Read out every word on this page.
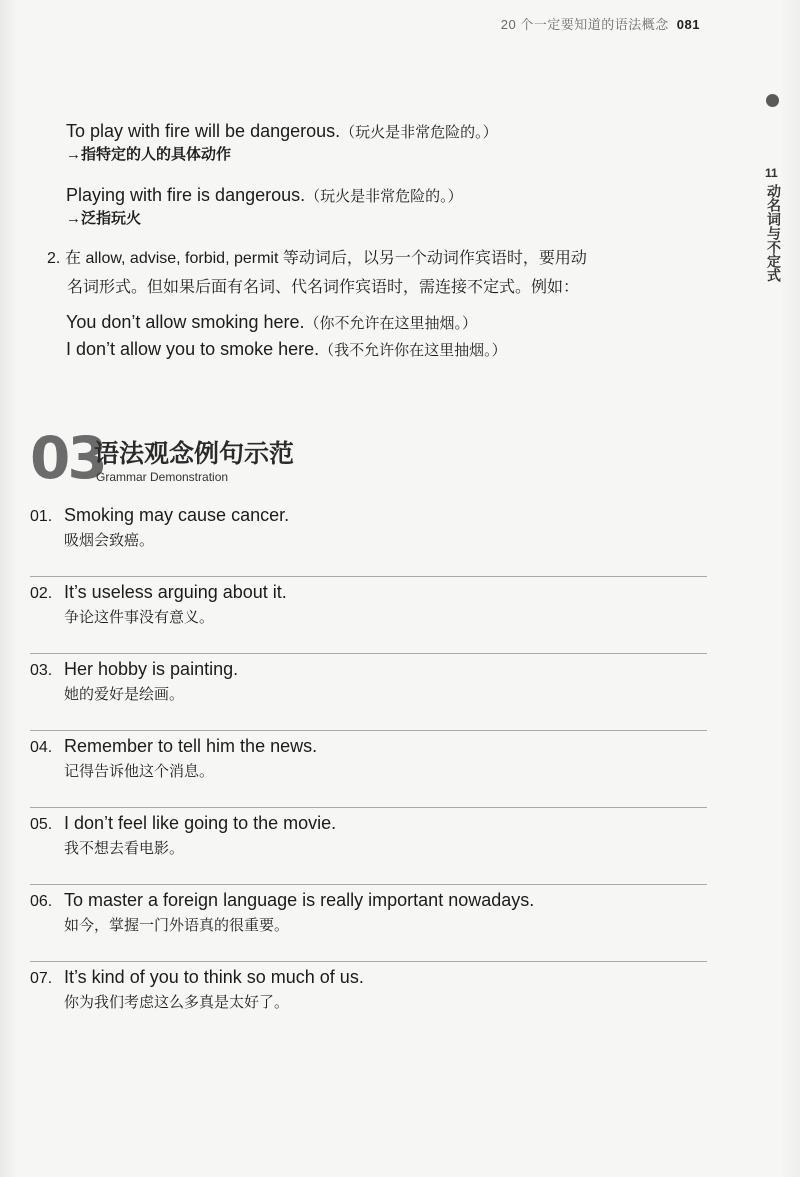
20 个一定要知道的语法概念 081
11
动名词与不定式
To play with fire will be dangerous.（玩火是非常危险的。）
→指特定的人的具体动作
Playing with fire is dangerous.（玩火是非常危险的。）
→泛指玩火
2. 在 allow, advise, forbid, permit 等动词后，以另一个动词作宾语时，要用动
名词形式。但如果后面有名词、代名词作宾语时，需连接不定式。例如：
You don’t allow smoking here.（你不允许在这里抽烟。）
I don’t allow you to smoke here.（我不允许你在这里抽烟。）
03
语法观念例句示范
Grammar Demonstration
01. Smoking may cause cancer.
吸烟会致癌。
02. It’s useless arguing about it.
争论这件事没有意义。
03. Her hobby is painting.
她的爱好是绘画。
04. Remember to tell him the news.
记得告诉他这个消息。
05. I don’t feel like going to the movie.
我不想去看电影。
06. To master a foreign language is really important nowadays.
如今，掌握一门外语真的很重要。
07. It’s kind of you to think so much of us.
你为我们考虑这么多真是太好了。
